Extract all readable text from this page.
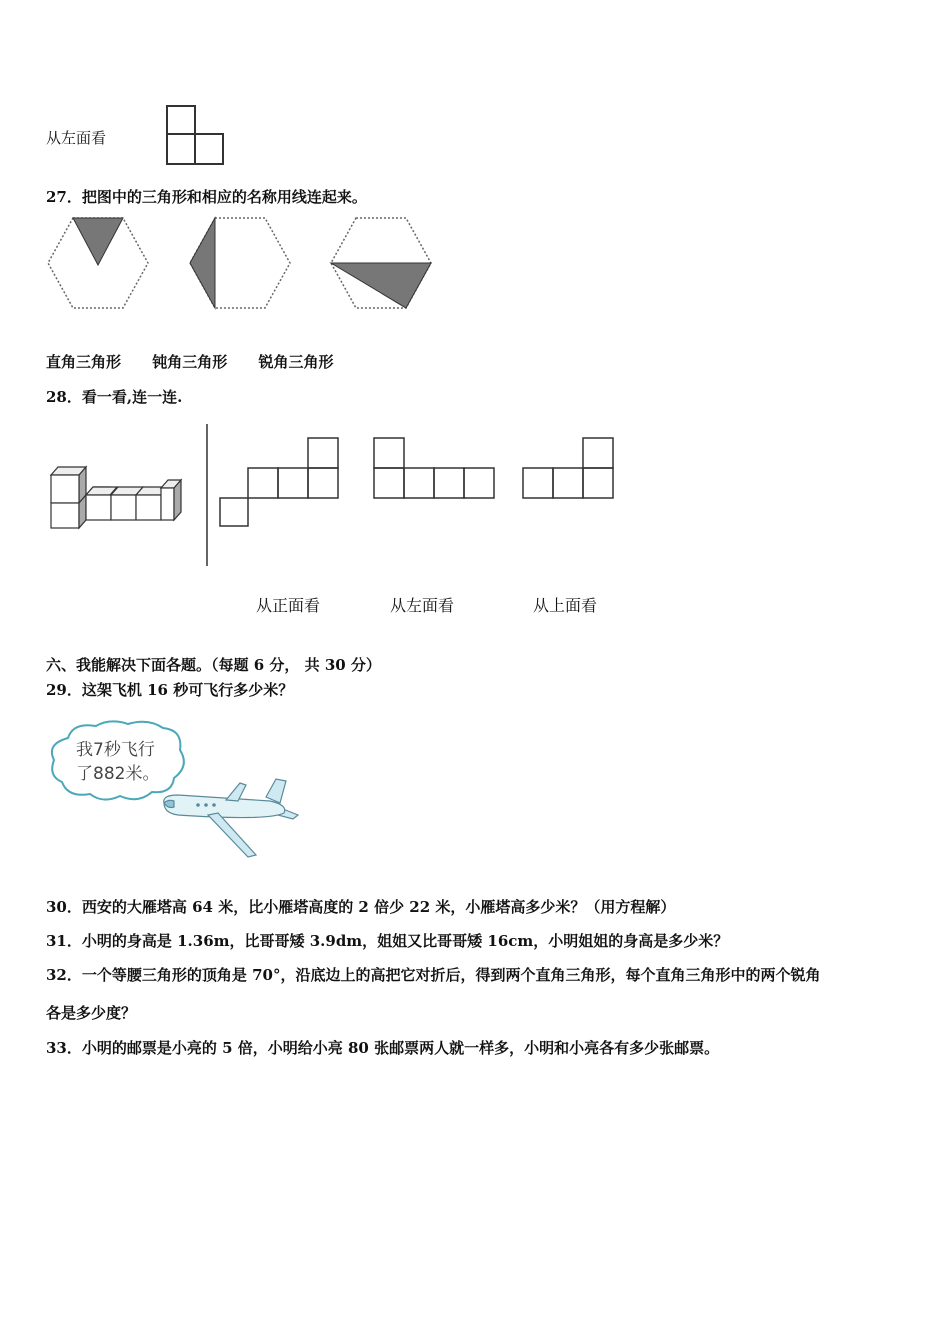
从左面看
27．把图中的三角形和相应的名称用线连起来。
直角三角形 钝角三角形 锐角三角形
28．看一看,连一连.
从正面看	从左面看	从上面看
六、我能解决下面各题。（每题 6 分， 共 30 分）
29．这架飞机 16 秒可飞行多少米？
我7秒飞行
了882米。
30．西安的大雁塔高 64 米，比小雁塔高度的 2 倍少 22 米，小雁塔高多少米？（用方程解）
31．小明的身高是 1.36m，比哥哥矮 3.9dm，姐姐又比哥哥矮 16cm，小明姐姐的身高是多少米？
32．一个等腰三角形的顶角是 70°，沿底边上的高把它对折后，得到两个直角三角形，每个直角三角形中的两个锐角
各是多少度？
33．小明的邮票是小亮的 5 倍，小明给小亮 80 张邮票两人就一样多，小明和小亮各有多少张邮票。
